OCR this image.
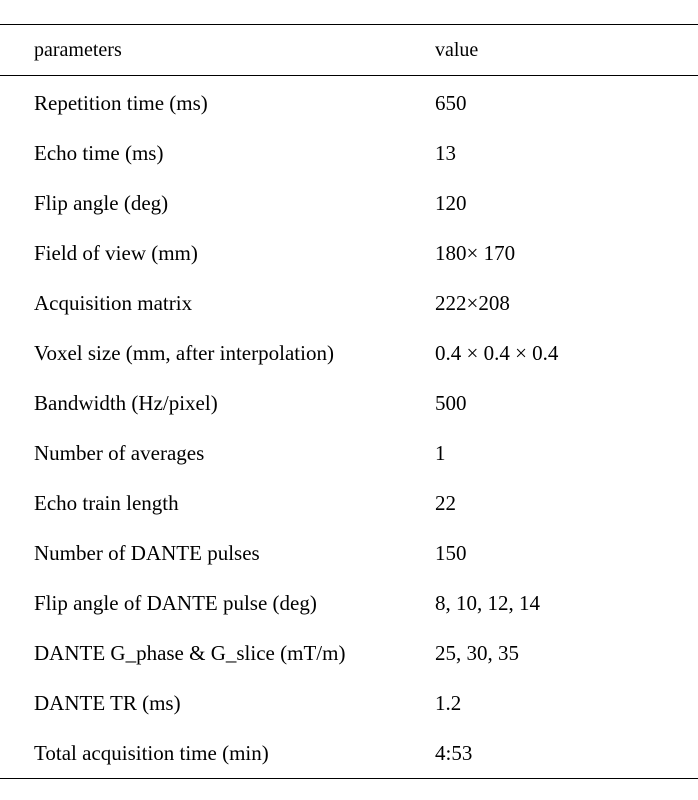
parameters	value
Repetition time (ms)	650
Echo time (ms)	13
Flip angle (deg)	120
Field of view (mm)	180× 170
Acquisition matrix	222×208
Voxel size (mm, after interpolation)	0.4 × 0.4 × 0.4
Bandwidth (Hz/pixel)	500
Number of averages	1
Echo train length	22
Number of DANTE pulses	150
Flip angle of DANTE pulse (deg)	8, 10, 12, 14
DANTE G_phase & G_slice (mT/m)	25, 30, 35
DANTE TR (ms)	1.2
Total acquisition time (min)	4:53
